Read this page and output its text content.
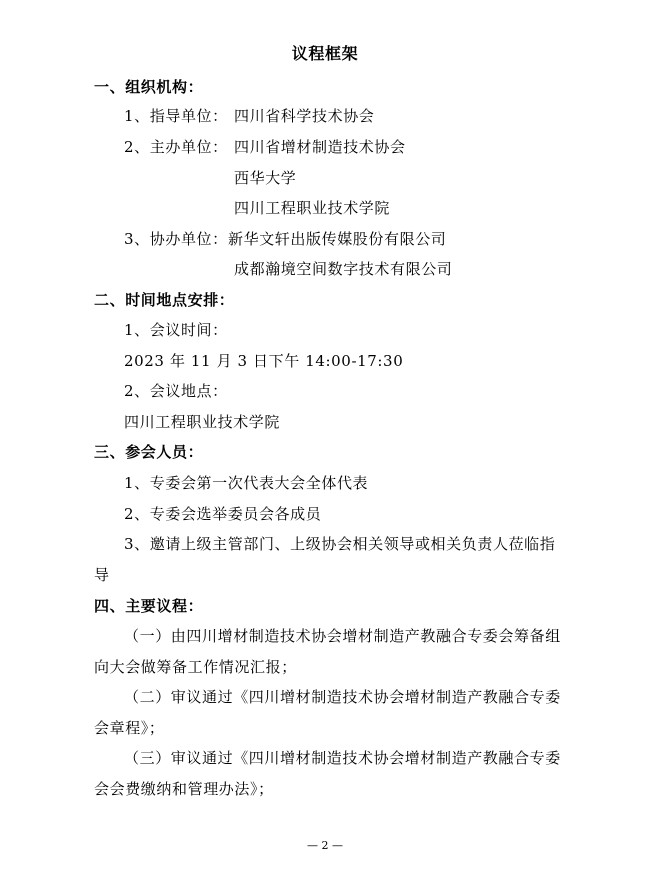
议程框架
一、组织机构：
1、指导单位： 四川省科学技术协会
2、主办单位： 四川省增材制造技术协会
西华大学
四川工程职业技术学院
3、协办单位： 新华文轩出版传媒股份有限公司
成都瀚境空间数字技术有限公司
二、时间地点安排：
1、会议时间：
2023 年 11 月 3 日下午 14:00-17:30
2、会议地点：
四川工程职业技术学院
三、参会人员：
1、专委会第一次代表大会全体代表
2、专委会选举委员会各成员
3、邀请上级主管部门、上级协会相关领导或相关负责人莅临指
导
四、主要议程：
（一）由四川增材制造技术协会增材制造产教融合专委会筹备组
向大会做筹备工作情况汇报；
（二）审议通过《四川增材制造技术协会增材制造产教融合专委
会章程》；
（三）审议通过《四川增材制造技术协会增材制造产教融合专委
会会费缴纳和管理办法》；
— 2 —
